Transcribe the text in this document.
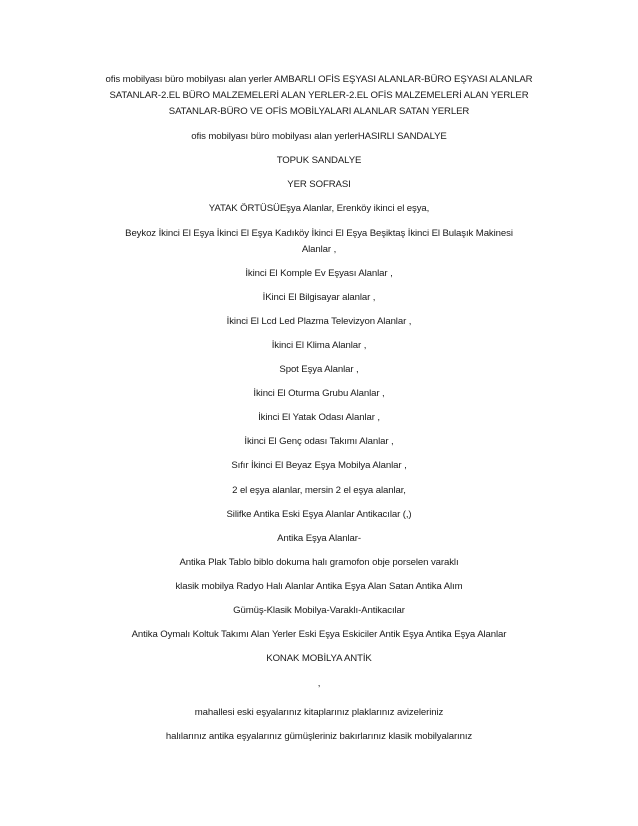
ofis mobilyası büro mobilyası alan yerler AMBARLI OFİS EŞYASI ALANLAR-BÜRO EŞYASI ALANLAR
SATANLAR-2.EL BÜRO MALZEMELERİ ALAN YERLER-2.EL OFİS MALZEMELERİ ALAN YERLER
SATANLAR-BÜRO VE OFİS MOBİLYALARI ALANLAR SATAN YERLER

ofis mobilyası büro mobilyası alan yerlerHASIRLI SANDALYE

TOPUK SANDALYE

YER SOFRASI

YATAK ÖRTÜSÜEşya Alanlar, Erenköy ikinci el eşya,

Beykoz İkinci El Eşya İkinci El Eşya Kadıköy İkinci El Eşya Beşiktaş İkinci El Bulaşık Makinesi

Alanlar ,

İkinci El Komple Ev Eşyası Alanlar ,

İKinci El Bilgisayar alanlar ,

İkinci El Lcd Led Plazma Televizyon Alanlar ,

İkinci El Klima Alanlar ,

Spot Eşya Alanlar ,

İkinci El Oturma Grubu Alanlar ,

İkinci El Yatak Odası Alanlar ,

İkinci El Genç odası Takımı Alanlar ,

Sıfır İkinci El Beyaz Eşya Mobilya Alanlar ,

2 el eşya alanlar, mersin 2 el eşya alanlar,

Silifke Antika Eski Eşya Alanlar Antikacılar (,)

Antika Eşya Alanlar-

Antika Plak Tablo biblo dokuma halı gramofon obje porselen varaklı

klasik mobilya Radyo Halı Alanlar Antika Eşya Alan Satan Antika Alım

Gümüş-Klasik Mobilya-Varaklı-Antikacılar

Antika Oymalı Koltuk Takımı Alan Yerler Eski Eşya Eskiciler Antik Eşya Antika Eşya Alanlar

KONAK MOBİLYA ANTİK

,

mahallesi eski eşyalarınız kitaplarınız plaklarınız avizeleriniz

halılarınız antika eşyalarınız gümüşleriniz bakırlarınız klasik mobilyalarınız
